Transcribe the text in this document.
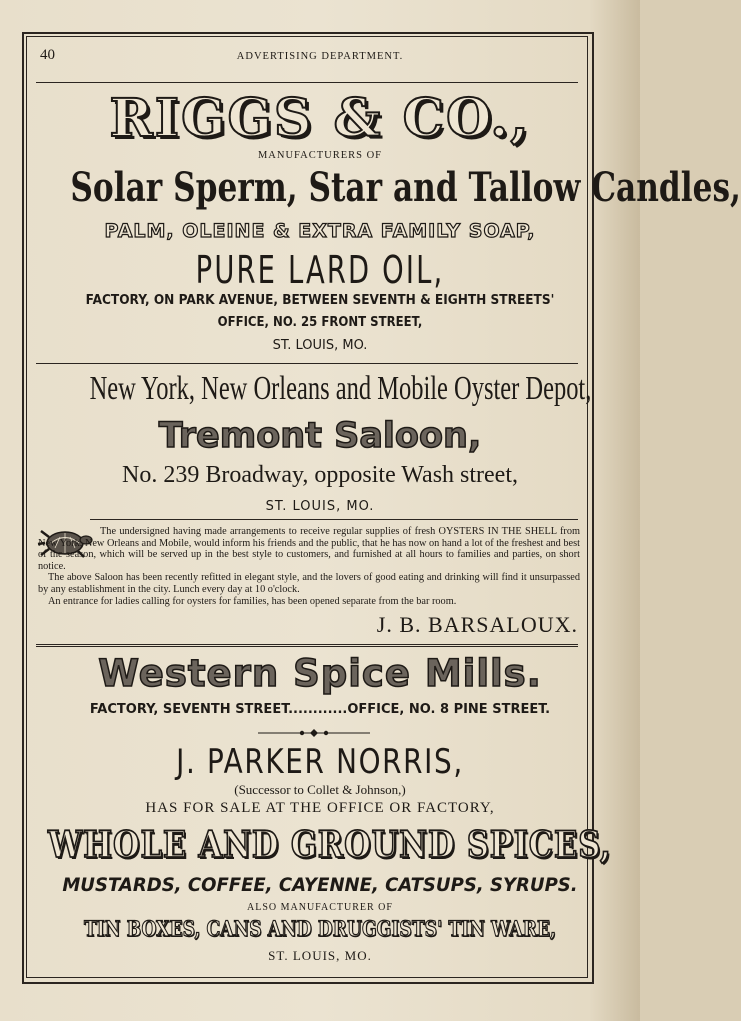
40	ADVERTISING DEPARTMENT.
RIGGS & CO.,
MANUFACTURERS OF
Solar Sperm, Star and Tallow Candles,
PALM, OLEINE & EXTRA FAMILY SOAP,
PURE LARD OIL,
FACTORY, ON PARK AVENUE, BETWEEN SEVENTH & EIGHTH STREETS'
OFFICE, NO. 25 FRONT STREET,
ST. LOUIS, MO.
New York, New Orleans and Mobile Oyster Depot,
Tremont Saloon,
No. 239 Broadway, opposite Wash street,
ST. LOUIS, MO.

The undersigned having made arrangements to receive regular supplies of fresh OYSTERS IN THE SHELL from New York, New Orleans and Mobile, would inform his friends and the public, that he has now on hand a lot of the freshest and best of the season, which will be served up in the best style to customers, and furnished at all hours to families and parties, on short notice.

The above Saloon has been recently refitted in elegant style, and the lovers of good eating and drinking will find it unsurpassed by any establishment in the city. Lunch every day at 10 o'clock.

An entrance for ladies calling for oysters for families, has been opened separate from the bar room.

J. B. BARSALOUX.
Western Spice Mills.
FACTORY, SEVENTH STREET............OFFICE, NO. 8 PINE STREET.
J. PARKER NORRIS,
(Successor to Collet & Johnson,)
HAS FOR SALE AT THE OFFICE OR FACTORY,
WHOLE AND GROUND SPICES,
MUSTARDS, COFFEE, CAYENNE, CATSUPS, SYRUPS.
ALSO MANUFACTURER OF
TIN BOXES, CANS AND DRUGGISTS' TIN WARE,
ST. LOUIS, MO.
